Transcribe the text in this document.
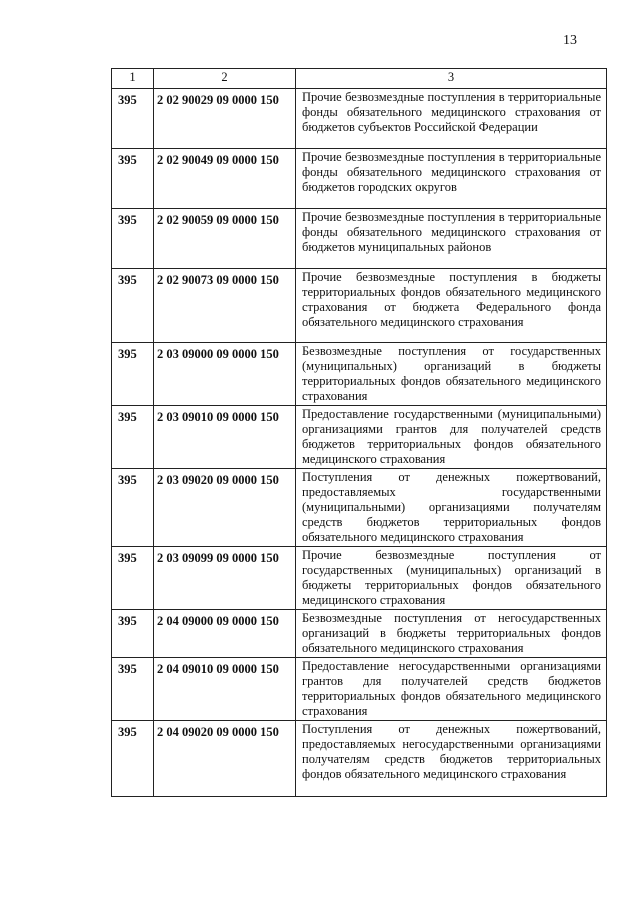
13
1	2	3
395	2 02 90029 09 0000 150	Прочие безвозмездные поступления в территориальные фонды обязательного медицинского страхования от бюджетов субъектов Российской Федерации
395	2 02 90049 09 0000 150	Прочие безвозмездные поступления в территориальные фонды обязательного медицинского страхования от бюджетов городских округов
395	2 02 90059 09 0000 150	Прочие безвозмездные поступления в территориальные фонды обязательного медицинского страхования от бюджетов муниципальных районов
395	2 02 90073 09 0000 150	Прочие безвозмездные поступления в бюджеты территориальных фондов обязательного медицинского страхования от бюджета Федерального фонда обязательного медицинского страхования
395	2 03 09000 09 0000 150	Безвозмездные поступления от государственных (муниципальных) организаций в бюджеты территориальных фондов обязательного медицинского страхования
395	2 03 09010 09 0000 150	Предоставление государственными (муниципальными) организациями грантов для получателей средств бюджетов территориальных фондов обязательного медицинского страхования
395	2 03 09020 09 0000 150	Поступления от денежных пожертвований, предоставляемых государственными (муниципальными) организациями получателям средств бюджетов территориальных фондов обязательного медицинского страхования
395	2 03 09099 09 0000 150	Прочие безвозмездные поступления от государственных (муниципальных) организаций в бюджеты территориальных фондов обязательного медицинского страхования
395	2 04 09000 09 0000 150	Безвозмездные поступления от негосударственных организаций в бюджеты территориальных фондов обязательного медицинского страхования
395	2 04 09010 09 0000 150	Предоставление негосударственными организациями грантов для получателей средств бюджетов территориальных фондов обязательного медицинского страхования
395	2 04 09020 09 0000 150	Поступления от денежных пожертвований, предоставляемых негосударственными организациями получателям средств бюджетов территориальных фондов обязательного медицинского страхования
